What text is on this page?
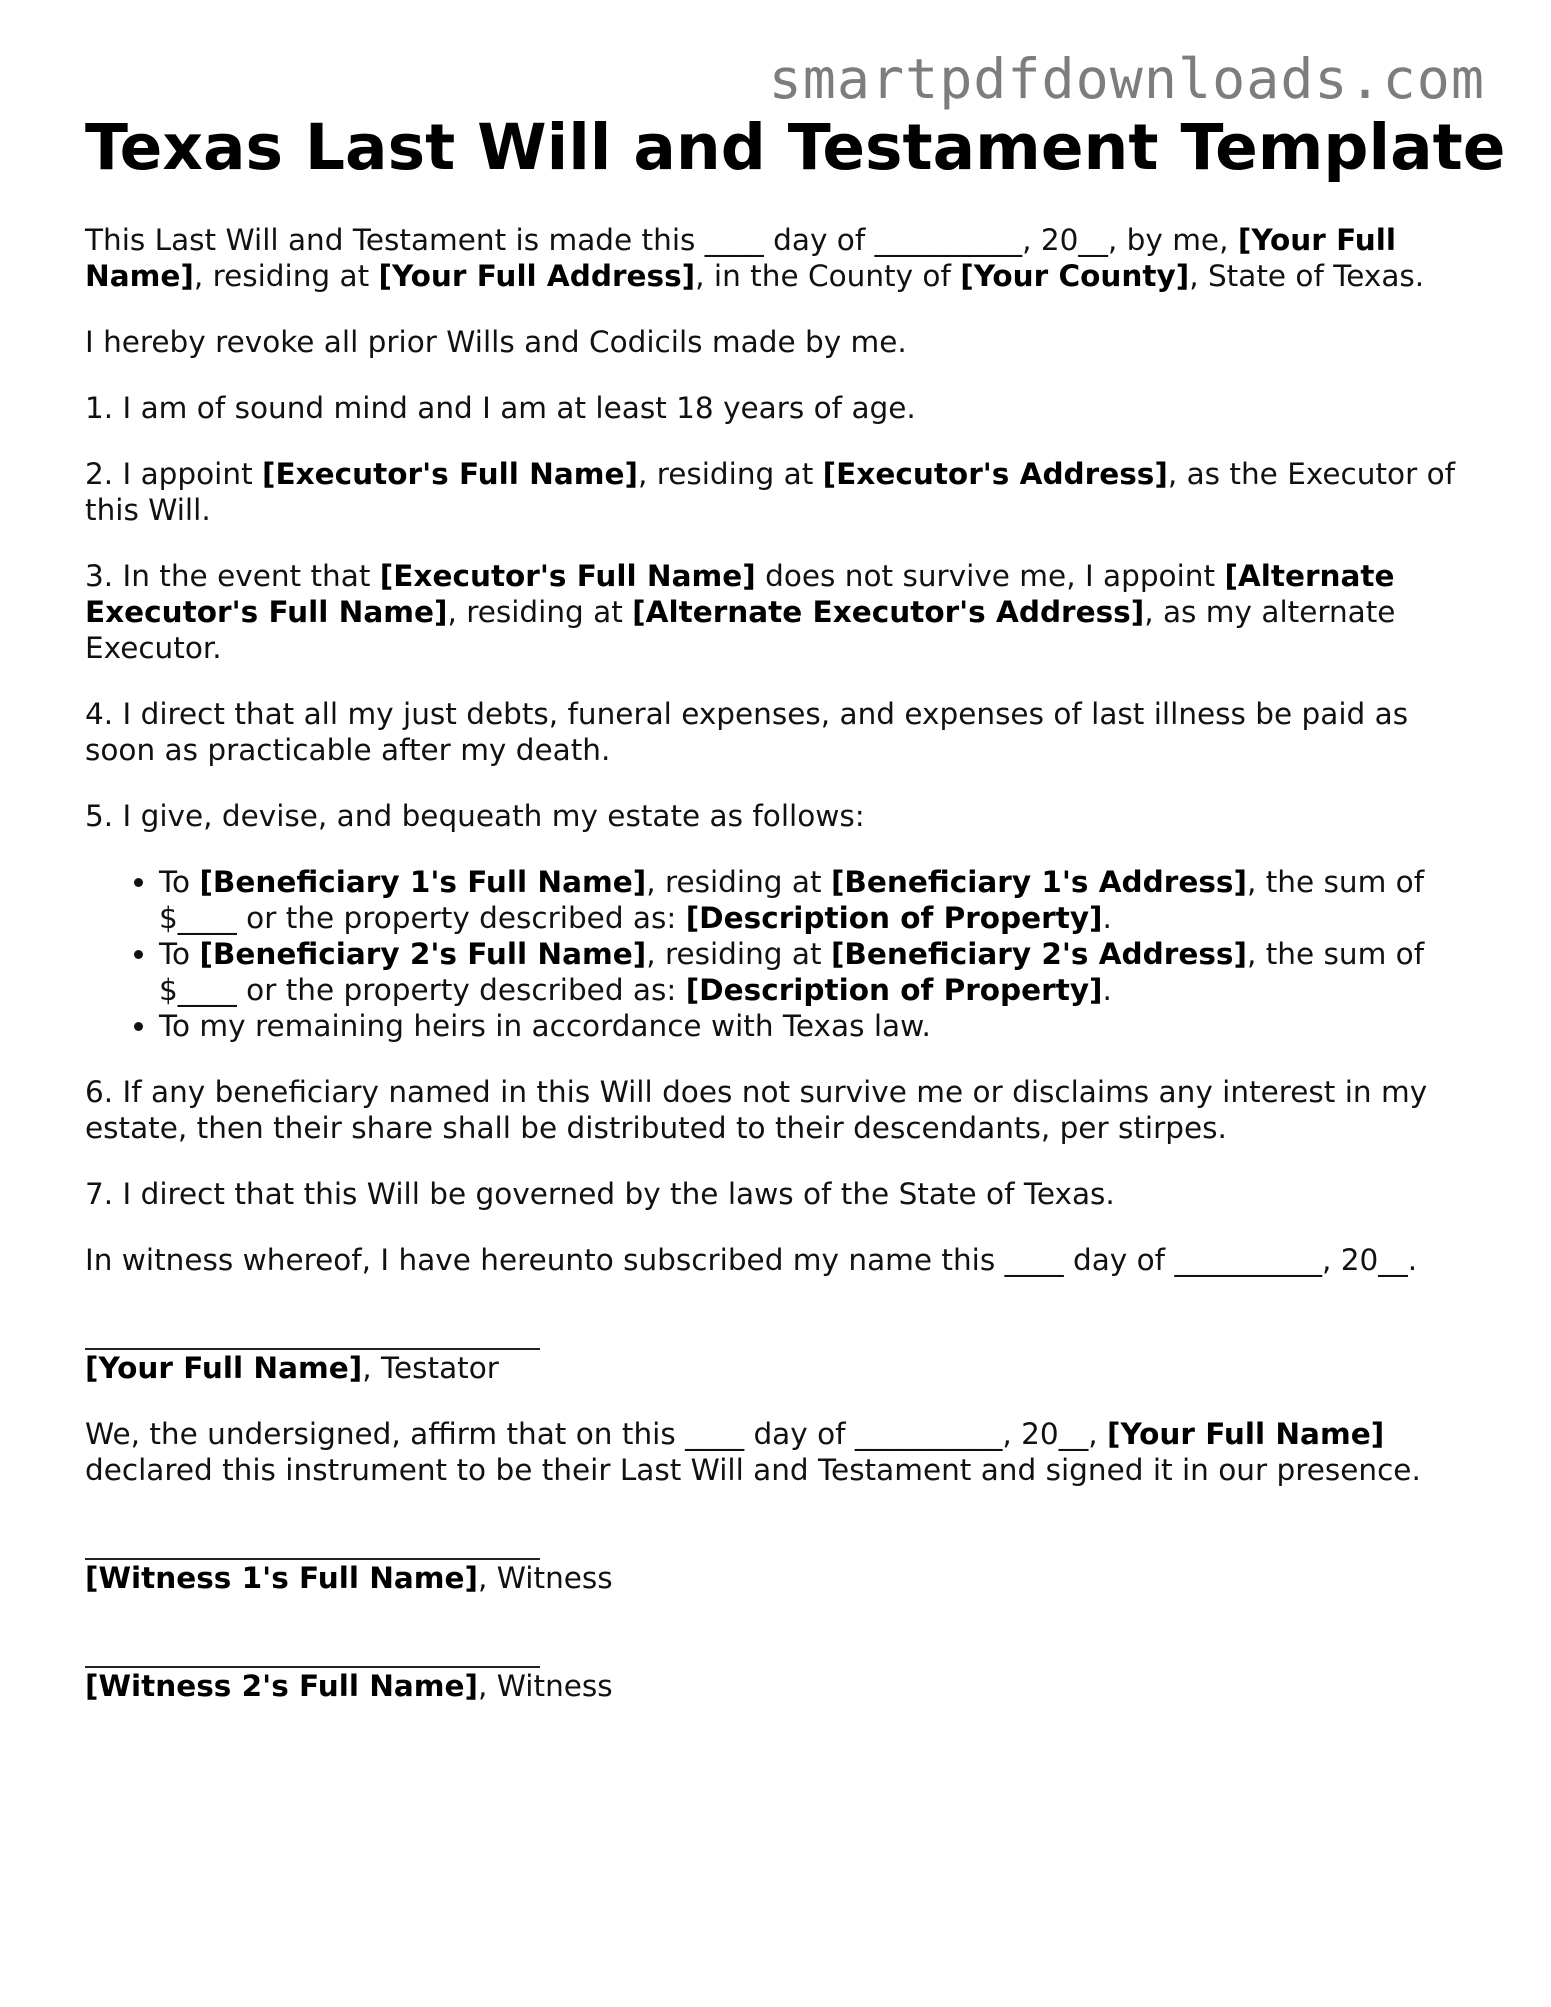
smartpdfdownloads.com
Texas Last Will and Testament Template

This Last Will and Testament is made this ____ day of __________, 20__, by me, [Your Full Name], residing at [Your Full Address], in the County of [Your County], State of Texas.

I hereby revoke all prior Wills and Codicils made by me.

1. I am of sound mind and I am at least 18 years of age.

2. I appoint [Executor's Full Name], residing at [Executor's Address], as the Executor of this Will.

3. In the event that [Executor's Full Name] does not survive me, I appoint [Alternate Executor's Full Name], residing at [Alternate Executor's Address], as my alternate Executor.

4. I direct that all my just debts, funeral expenses, and expenses of last illness be paid as soon as practicable after my death.

5. I give, devise, and bequeath my estate as follows:

• To [Beneficiary 1's Full Name], residing at [Beneficiary 1's Address], the sum of $____ or the property described as: [Description of Property].
• To [Beneficiary 2's Full Name], residing at [Beneficiary 2's Address], the sum of $____ or the property described as: [Description of Property].
• To my remaining heirs in accordance with Texas law.

6. If any beneficiary named in this Will does not survive me or disclaims any interest in my estate, then their share shall be distributed to their descendants, per stirpes.

7. I direct that this Will be governed by the laws of the State of Texas.

In witness whereof, I have hereunto subscribed my name this ____ day of __________, 20__.

[Your Full Name], Testator

We, the undersigned, affirm that on this ____ day of __________, 20__, [Your Full Name] declared this instrument to be their Last Will and Testament and signed it in our presence.

[Witness 1's Full Name], Witness
[Witness 2's Full Name], Witness
